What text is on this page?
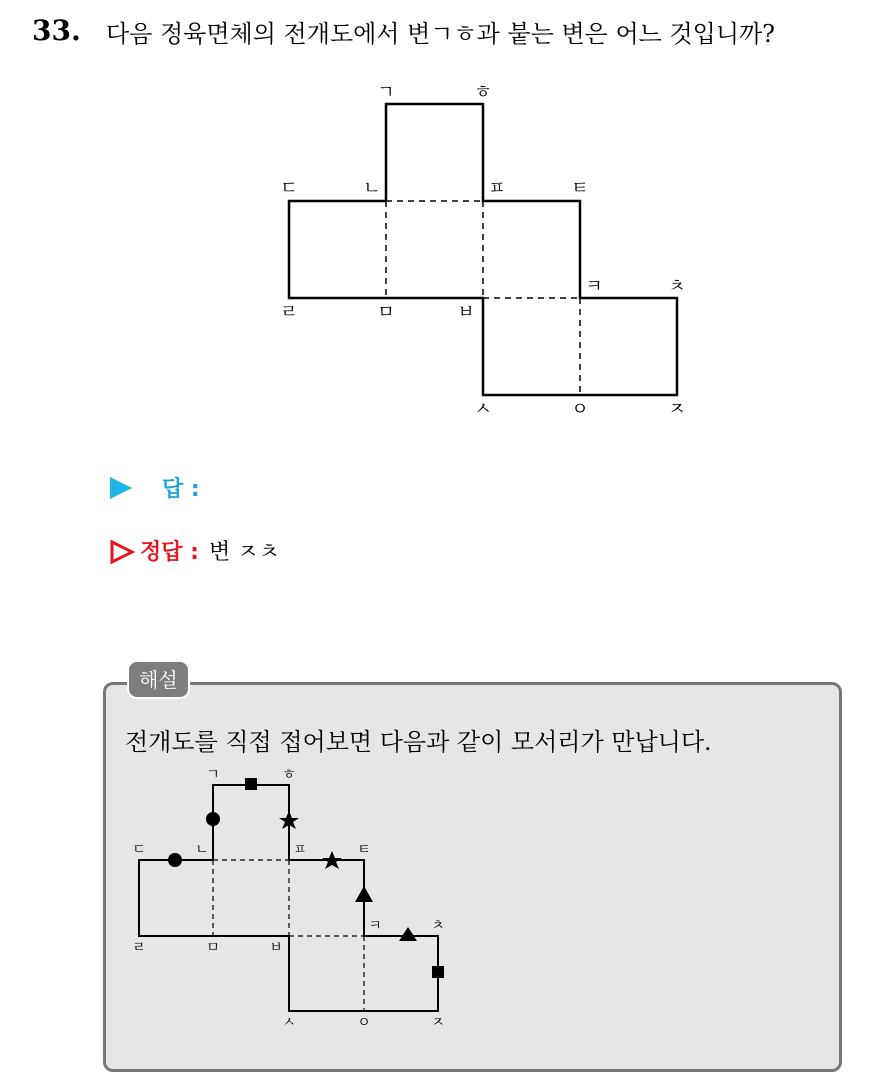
33. 다음 정육면체의 전개도에서 변ㄱㅎ과 붙는 변은 어느 것입니까?
ㄱ	ㅎ
ㄷ	ㄴ	ㅍ	ㅌ
ㄹ	ㅁ	ㅂ
ㅋ	ㅊ
ㅅ	ㅇ	ㅈ
답 :
정답 : 변 ㅈㅊ
해설
전개도를 직접 접어보면 다음과 같이 모서리가 만납니다.
ㄱ	ㅎ
ㄷ	ㄴ	ㅍ	ㅌ
ㄹ	ㅁ	ㅂ
ㅋ	ㅊ
ㅅ	ㅇ	ㅈ
